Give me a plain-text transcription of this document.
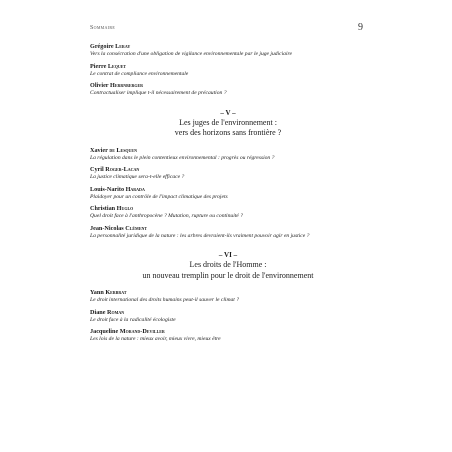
Sommaire	9
Grégoire Leray
Vers la consécration d'une obligation de vigilance environnementale par le juge judiciaire
Pierre Lequet
Le contrat de compliance environnementale
Olivier Herrnberger
Contractualiser implique t-il nécessairement de précaution ?
– V –
Les juges de l'environnement :
vers des horizons sans frontière ?
Xavier de Lesquen
La régulation dans le plein contentieux environnemental : progrès ou régression ?
Cyril Roger-Lacan
La justice climatique sera-t-elle efficace ?
Louis-Narito Harada
Plaidoyer pour un contrôle de l'impact climatique des projets
Christian Huglo
Quel droit face à l'anthropocène ? Mutation, rupture ou continuité ?
Jean-Nicolas Clément
La personnalité juridique de la nature : les arbres devraient-ils vraiment pouvoir agir en justice ?
– VI –
Les droits de l'Homme :
un nouveau tremplin pour le droit de l'environnement
Yann Kerbrat
Le droit international des droits humains peut-il sauver le climat ?
Diane Roman
Le droit face à la radicalité écologiste
Jacqueline Morand-Deviller
Les lois de la nature : mieux avoir, mieux vivre, mieux être
